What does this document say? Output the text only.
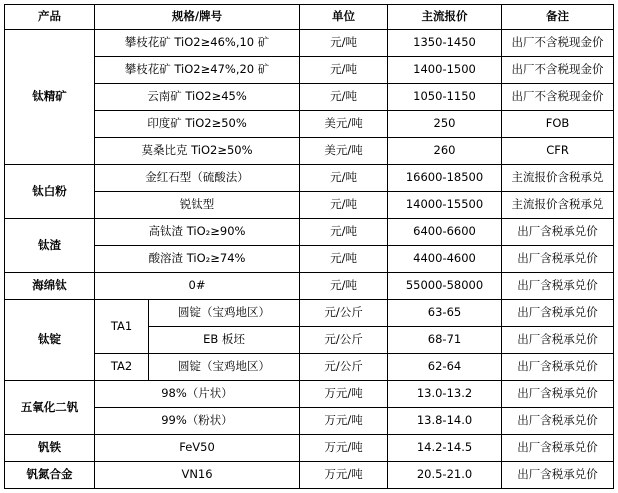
产品	规格/牌号		单位	主流报价	备注
钛精矿	攀枝花矿 TiO2≥46%,10 矿		元/吨	1350-1450	出厂不含税现金价
	攀枝花矿 TiO2≥47%,20 矿		元/吨	1400-1500	出厂不含税现金价
	云南矿 TiO2≥45%		元/吨	1050-1150	出厂不含税现金价
	印度矿 TiO2≥50%		美元/吨	250	FOB
	莫桑比克 TiO2≥50%		美元/吨	260	CFR
钛白粉	金红石型（硫酸法）		元/吨	16600-18500	主流报价含税承兑
	锐钛型		元/吨	14000-15500	主流报价含税承兑
钛渣	高钛渣 TiO₂≥90%		元/吨	6400-6600	出厂含税承兑价
	酸溶渣 TiO₂≥74%		元/吨	4400-4600	出厂含税承兑价
海绵钛	0#		元/吨	55000-58000	出厂含税承兑价
钛锭	TA1	圆锭（宝鸡地区）	元/公斤	63-65	出厂含税承兑价
		EB 板坯	元/公斤	68-71	出厂含税承兑价
	TA2	圆锭（宝鸡地区）	元/公斤	62-64	出厂含税承兑价
五氧化二钒	98%（片状）		万元/吨	13.0-13.2	出厂含税承兑价
	99%（粉状）		万元/吨	13.8-14.0	出厂含税承兑价
钒铁	FeV50		万元/吨	14.2-14.5	出厂含税承兑价
钒氮合金	VN16		万元/吨	20.5-21.0	出厂含税承兑价
